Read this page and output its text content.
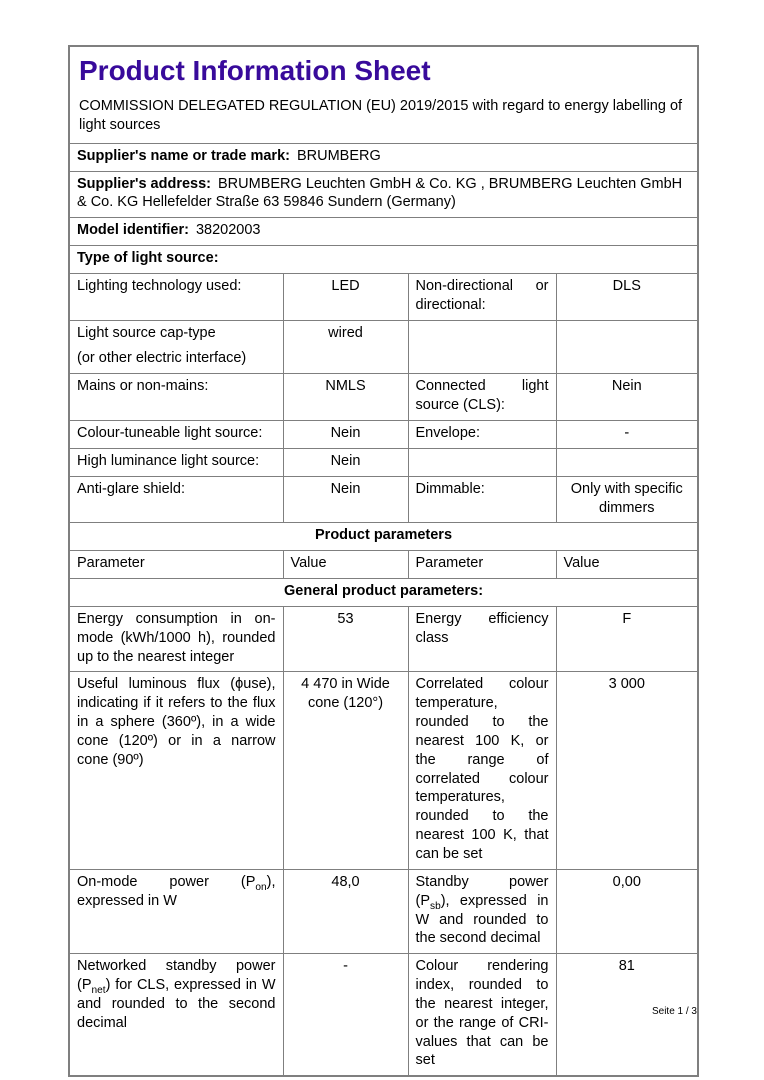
Product Information Sheet

COMMISSION DELEGATED REGULATION (EU) 2019/2015 with regard to energy labelling of light sources

Supplier's name or trade mark: BRUMBERG			
Supplier's address: BRUMBERG Leuchten GmbH & Co. KG , BRUMBERG Leuchten GmbH & Co. KG Hellefelder Straße 63 59846 Sundern (Germany)			
Model identifier: 38202003			
Type of light source:			
Lighting technology used:	LED	Non-directional or directional:	DLS

Light source cap-type
(or other electric interface)	wired		
Mains or non-mains:	NMLS	Connected light source (CLS):	Nein
Colour-tuneable light source:	Nein	Envelope:	-
High luminance light source:	Nein		
Anti-glare shield:	Nein	Dimmable:	Only with specific dimmers
Product parameters			
Parameter	Value	Parameter	Value
General product parameters:			
Energy consumption in on-mode (kWh/1000 h), rounded up to the nearest integer	53	Energy efficiency class	F
Useful luminous flux (ϕuse), indicating if it refers to the flux in a sphere (360º), in a wide cone (120º) or in a narrow cone (90º)	4 470 in Wide cone (120°)	Correlated colour temperature, rounded to the nearest 100 K, or the range of correlated colour temperatures, rounded to the nearest 100 K, that can be set	3 000
On-mode power $(P_{on})$, expressed in W	48,0	Standby power $(P_{sb})$, expressed in W and rounded to the second decimal	0,00
Networked standby power $(P_{net})$ for CLS, expressed in W and rounded to the second decimal	-	Colour rendering index, rounded to the nearest integer, or the range of CRI-values that can be set	81
Seite 1 / 3
